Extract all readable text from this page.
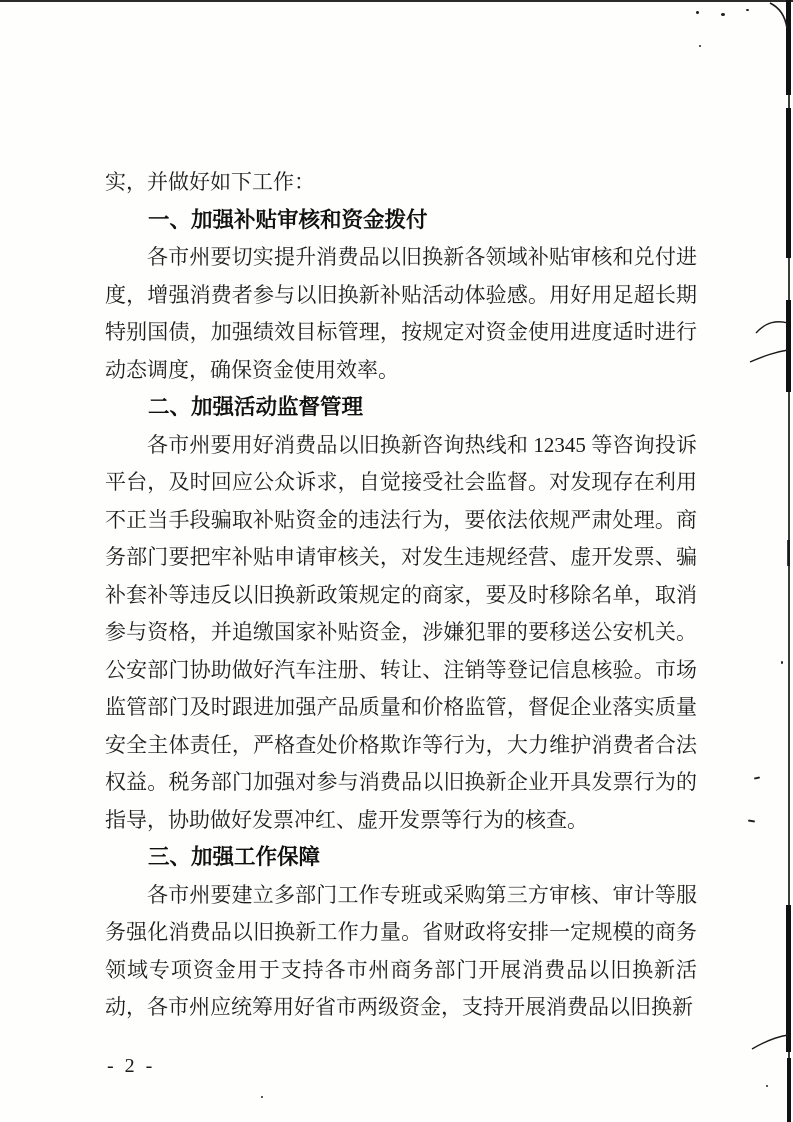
实，并做好如下工作：

一、加强补贴审核和资金拨付

各市州要切实提升消费品以旧换新各领域补贴审核和兑付进度，增强消费者参与以旧换新补贴活动体验感。用好用足超长期特别国债，加强绩效目标管理，按规定对资金使用进度适时进行动态调度，确保资金使用效率。

二、加强活动监督管理

各市州要用好消费品以旧换新咨询热线和 12345 等咨询投诉平台，及时回应公众诉求，自觉接受社会监督。对发现存在利用不正当手段骗取补贴资金的违法行为，要依法依规严肃处理。商务部门要把牢补贴申请审核关，对发生违规经营、虚开发票、骗补套补等违反以旧换新政策规定的商家，要及时移除名单，取消参与资格，并追缴国家补贴资金，涉嫌犯罪的要移送公安机关。公安部门协助做好汽车注册、转让、注销等登记信息核验。市场监管部门及时跟进加强产品质量和价格监管，督促企业落实质量安全主体责任，严格查处价格欺诈等行为，大力维护消费者合法权益。税务部门加强对参与消费品以旧换新企业开具发票行为的指导，协助做好发票冲红、虚开发票等行为的核查。

三、加强工作保障

各市州要建立多部门工作专班或采购第三方审核、审计等服务强化消费品以旧换新工作力量。省财政将安排一定规模的商务领域专项资金用于支持各市州商务部门开展消费品以旧换新活动，各市州应统筹用好省市两级资金，支持开展消费品以旧换新

- 2 -
